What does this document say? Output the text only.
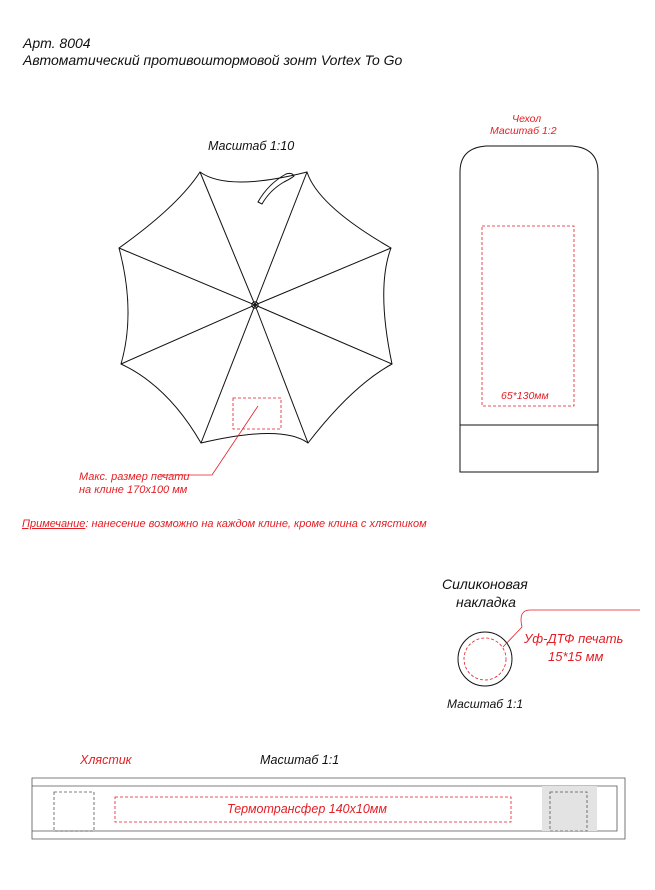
Арт. 8004
Автоматический противоштормовой зонт Vortex To Go
Масштаб 1:10
Макс. размер печати
на клине 170x100 мм
Чехол
Масштаб 1:2
65*130мм
Примечание: нанесение возможно на каждом клине, кроме клина с хлястиком
Силиконовая
накладка
Уф-ДТФ печать
15*15 мм
Масштаб 1:1
Хлястик	Масштаб 1:1
Термотрансфер 140x10мм
